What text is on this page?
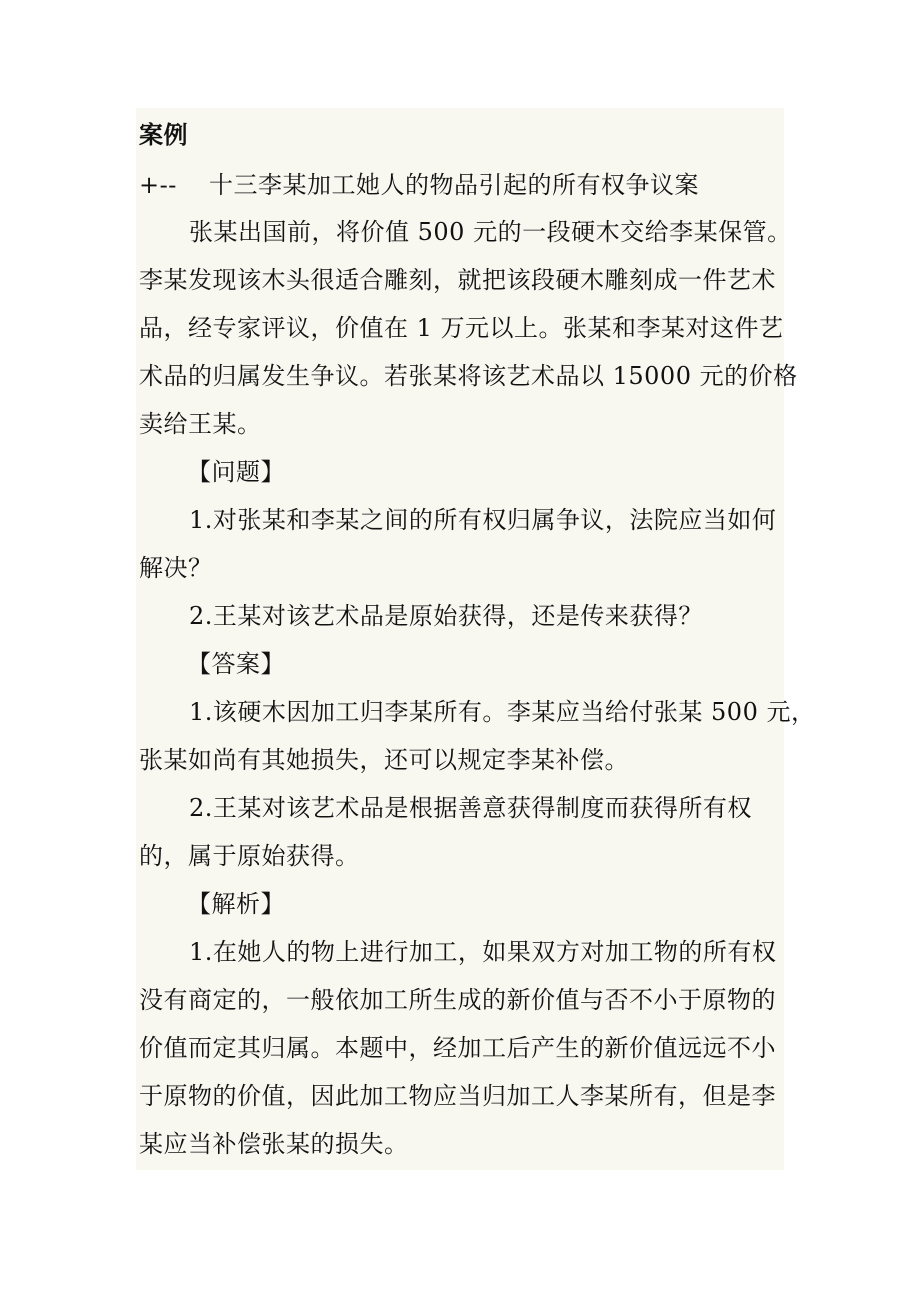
案例
+-- 十三李某加工她人的物品引起的所有权争议案
张某出国前，将价值 500 元的一段硬木交给李某保管。
李某发现该木头很适合雕刻，就把该段硬木雕刻成一件艺术
品，经专家评议，价值在 1 万元以上。张某和李某对这件艺
术品的归属发生争议。若张某将该艺术品以 15000 元的价格
卖给王某。
【问题】
1.对张某和李某之间的所有权归属争议，法院应当如何
解决？
2.王某对该艺术品是原始获得，还是传来获得？
【答案】
1.该硬木因加工归李某所有。李某应当给付张某 500 元，
张某如尚有其她损失，还可以规定李某补偿。
2.王某对该艺术品是根据善意获得制度而获得所有权
的，属于原始获得。
【解析】
1.在她人的物上进行加工，如果双方对加工物的所有权
没有商定的，一般依加工所生成的新价值与否不小于原物的
价值而定其归属。本题中，经加工后产生的新价值远远不小
于原物的价值，因此加工物应当归加工人李某所有，但是李
某应当补偿张某的损失。
